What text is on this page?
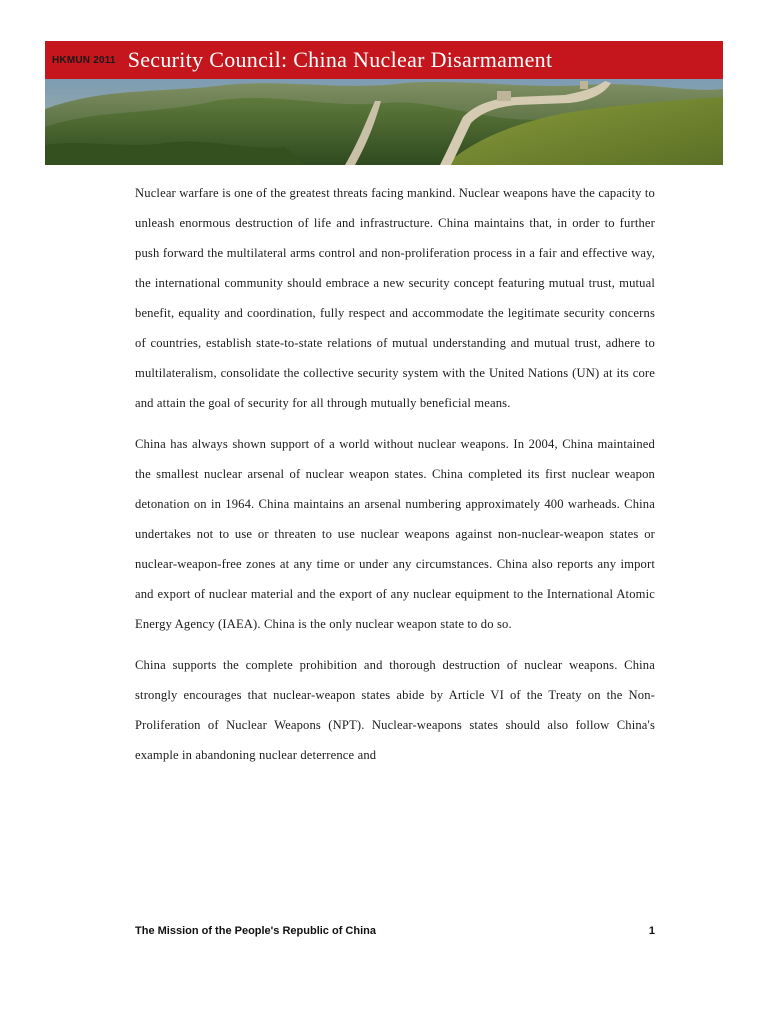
HKMUN 2011 Security Council: China Nuclear Disarmament

Nuclear warfare is one of the greatest threats facing mankind. Nuclear weapons have the capacity to unleash enormous destruction of life and infrastructure. China maintains that, in order to further push forward the multilateral arms control and non-proliferation process in a fair and effective way, the international community should embrace a new security concept featuring mutual trust, mutual benefit, equality and coordination, fully respect and accommodate the legitimate security concerns of countries, establish state-to-state relations of mutual understanding and mutual trust, adhere to multilateralism, consolidate the collective security system with the United Nations (UN) at its core and attain the goal of security for all through mutually beneficial means.

China has always shown support of a world without nuclear weapons. In 2004, China maintained the smallest nuclear arsenal of nuclear weapon states. China completed its first nuclear weapon detonation on in 1964. China maintains an arsenal numbering approximately 400 warheads. China undertakes not to use or threaten to use nuclear weapons against non-nuclear-weapon states or nuclear-weapon-free zones at any time or under any circumstances. China also reports any import and export of nuclear material and the export of any nuclear equipment to the International Atomic Energy Agency (IAEA). China is the only nuclear weapon state to do so.

China supports the complete prohibition and thorough destruction of nuclear weapons. China strongly encourages that nuclear-weapon states abide by Article VI of the Treaty on the Non-Proliferation of Nuclear Weapons (NPT). Nuclear-weapons states should also follow China's example in abandoning nuclear deterrence and

The Mission of the People's Republic of China	1
